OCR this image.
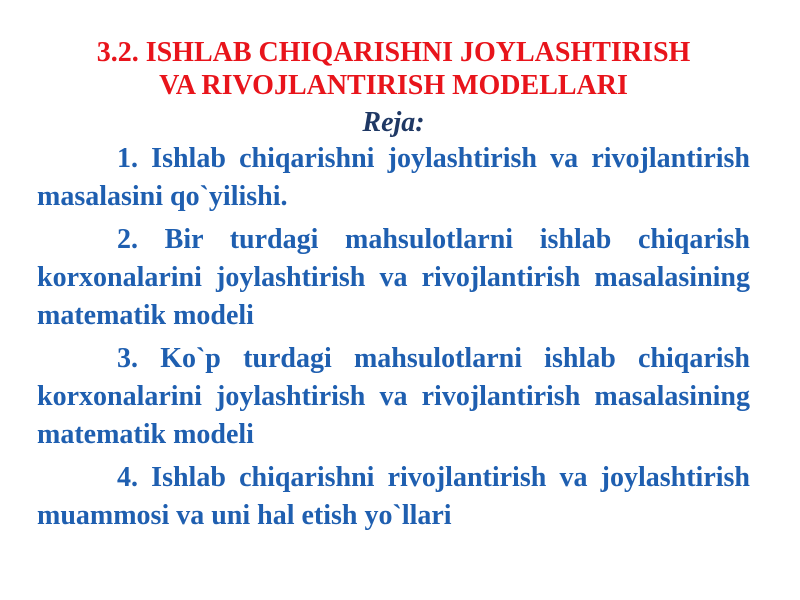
3.2. ISHLAB CHIQARISHNI JOYLASHTIRISH
VA RIVOJLANTIRISH MODELLARI
Reja:
1. Ishlab chiqarishni joylashtirish va rivojlantirish masalasini qo`yilishi.
2. Bir turdagi mahsulotlarni ishlab chiqarish korxonalarini joylashtirish va rivojlantirish masalasining matematik modeli
3. Ko`p turdagi mahsulotlarni ishlab chiqarish korxonalarini joylashtirish va rivojlantirish masalasining matematik modeli
4. Ishlab chiqarishni rivojlantirish va joylashtirish muammosi va uni hal etish yo`llari
